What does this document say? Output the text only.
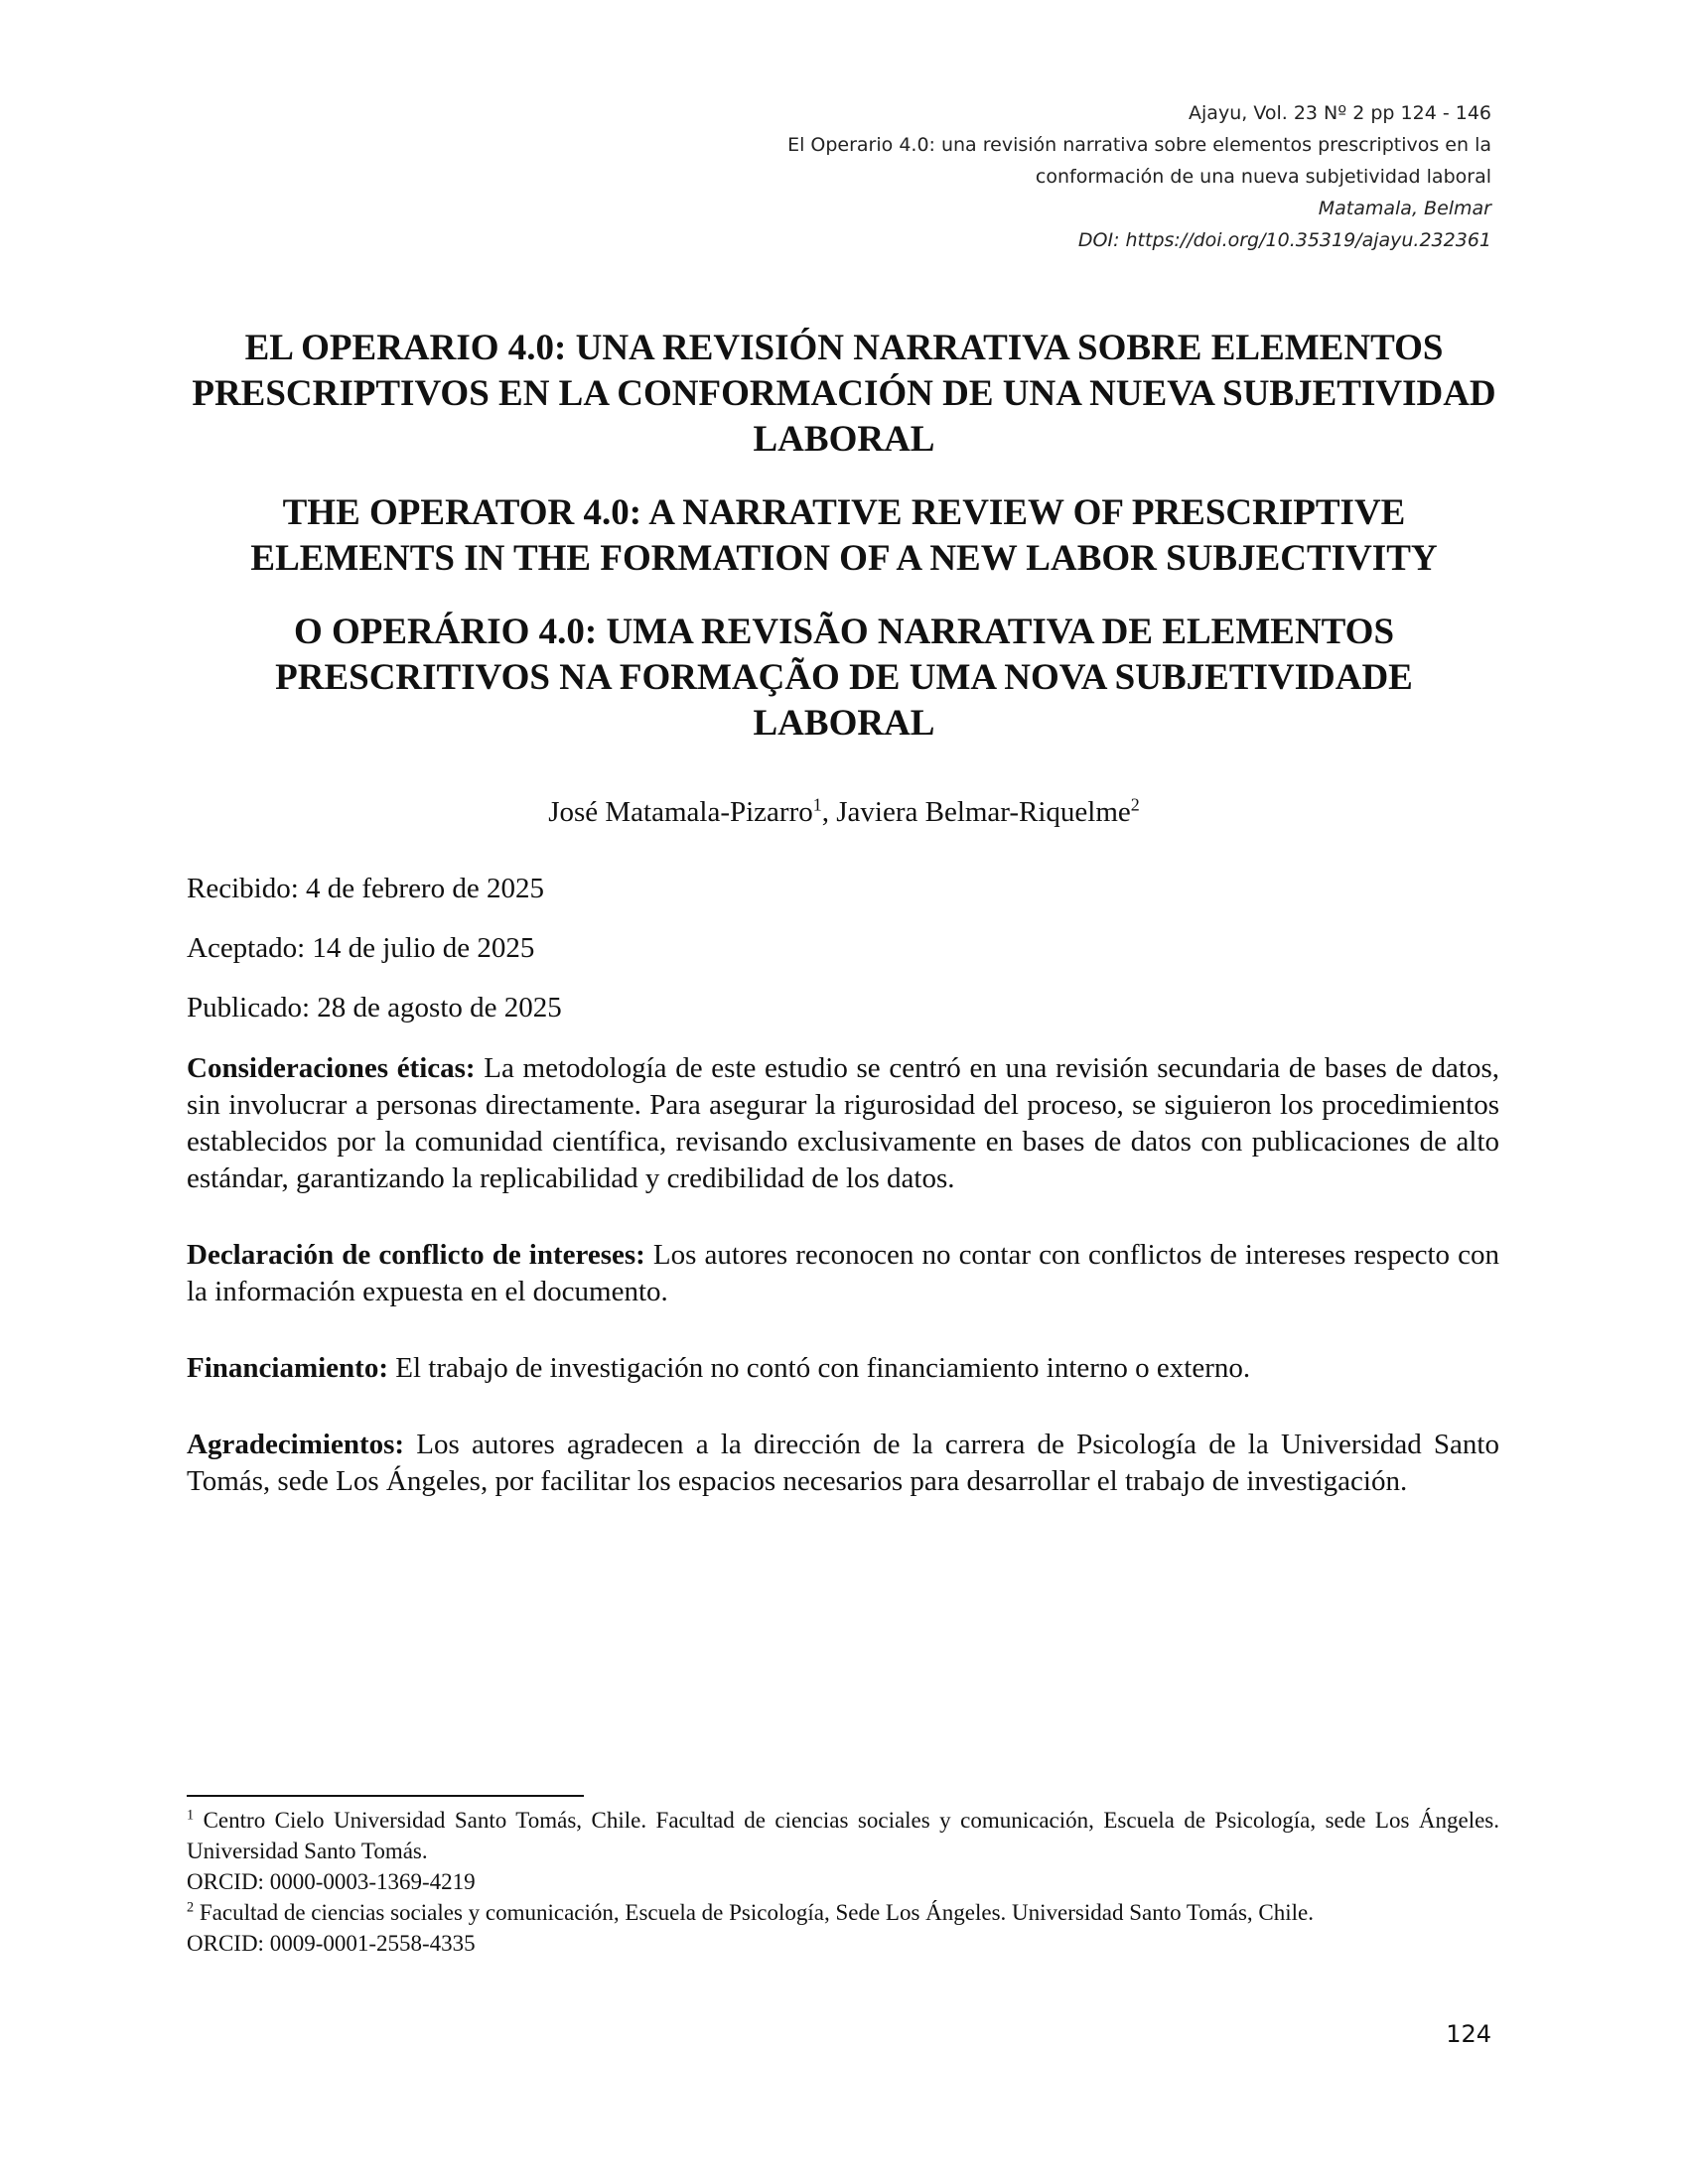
Ajayu, Vol. 23 Nº 2 pp 124 - 146
El Operario 4.0: una revisión narrativa sobre elementos prescriptivos en la
conformación de una nueva subjetividad laboral
Matamala, Belmar
DOI: https://doi.org/10.35319/ajayu.232361
EL OPERARIO 4.0: UNA REVISIÓN NARRATIVA SOBRE ELEMENTOS PRESCRIPTIVOS EN LA CONFORMACIÓN DE UNA NUEVA SUBJETIVIDAD LABORAL
THE OPERATOR 4.0: A NARRATIVE REVIEW OF PRESCRIPTIVE ELEMENTS IN THE FORMATION OF A NEW LABOR SUBJECTIVITY
O OPERÁRIO 4.0: UMA REVISÃO NARRATIVA DE ELEMENTOS PRESCRITIVOS NA FORMAÇÃO DE UMA NOVA SUBJETIVIDADE LABORAL
José Matamala-Pizarro$^1$, Javiera Belmar-Riquelme$^2$
Recibido: 4 de febrero de 2025
Aceptado: 14 de julio de 2025
Publicado: 28 de agosto de 2025

Consideraciones éticas: La metodología de este estudio se centró en una revisión secundaria de bases de datos, sin involucrar a personas directamente. Para asegurar la rigurosidad del proceso, se siguieron los procedimientos establecidos por la comunidad científica, revisando exclusivamente en bases de datos con publicaciones de alto estándar, garantizando la replicabilidad y credibilidad de los datos.

Declaración de conflicto de intereses: Los autores reconocen no contar con conflictos de intereses respecto con la información expuesta en el documento.

Financiamiento: El trabajo de investigación no contó con financiamiento interno o externo.

Agradecimientos: Los autores agradecen a la dirección de la carrera de Psicología de la Universidad Santo Tomás, sede Los Ángeles, por facilitar los espacios necesarios para desarrollar el trabajo de investigación.

$^1$ Centro Cielo Universidad Santo Tomás, Chile. Facultad de ciencias sociales y comunicación, Escuela de Psicología, sede Los Ángeles. Universidad Santo Tomás.
ORCID: 0000-0003-1369-4219
$^2$ Facultad de ciencias sociales y comunicación, Escuela de Psicología, Sede Los Ángeles. Universidad Santo Tomás, Chile.
ORCID: 0009-0001-2558-4335
124
